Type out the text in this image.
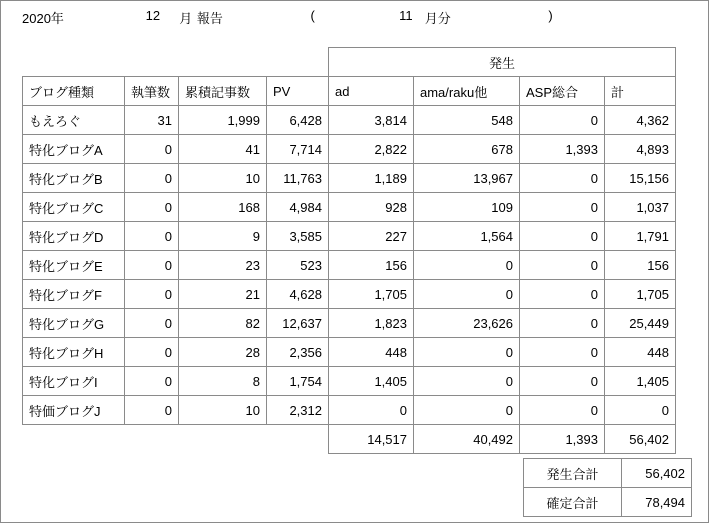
2020年	12 月 報告	(	11 月分	)
				発生			
ブログ種類	執筆数	累積記事数	PV	ad	ama/raku他	ASP総合	計
もえろぐ	31	1,999	6,428	3,814	548	0	4,362
特化ブログA	0	41	7,714	2,822	678	1,393	4,893
特化ブログB	0	10	11,763	1,189	13,967	0	15,156
特化ブログC	0	168	4,984	928	109	0	1,037
特化ブログD	0	9	3,585	227	1,564	0	1,791
特化ブログE	0	23	523	156	0	0	156
特化ブログF	0	21	4,628	1,705	0	0	1,705
特化ブログG	0	82	12,637	1,823	23,626	0	25,449
特化ブログH	0	28	2,356	448	0	0	448
特化ブログI	0	8	1,754	1,405	0	0	1,405
特価ブログJ	0	10	2,312	0	0	0	0
				14,517	40,492	1,393	56,402
発生合計	56,402
確定合計	78,494
